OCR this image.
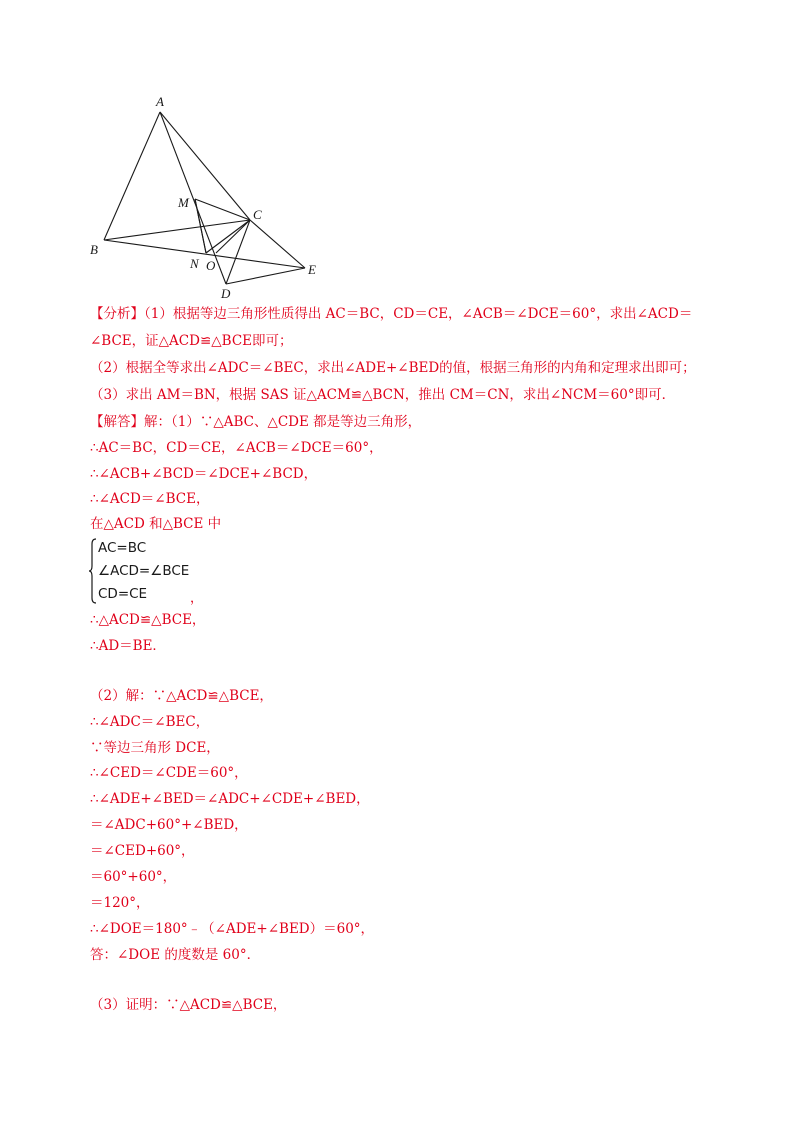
A
B
C
D
E
M
N O
【分析】（1）根据等边三角形性质得出 AC＝BC，CD＝CE，∠ACB＝∠DCE＝60°，求出∠ACD＝
∠BCE，证△ACD≌△BCE即可；
（2）根据全等求出∠ADC＝∠BEC，求出∠ADE+∠BED的值，根据三角形的内角和定理求出即可；
（3）求出 AM＝BN，根据 SAS 证△ACM≌△BCN，推出 CM＝CN，求出∠NCM＝60°即可．
【解答】解：（1）∵△ABC、△CDE 都是等边三角形，
∴AC＝BC，CD＝CE，∠ACB＝∠DCE＝60°，
∴∠ACB+∠BCD＝∠DCE+∠BCD，
∴∠ACD＝∠BCE，
在△ACD 和△BCE 中
AC=BC
∠ACD=∠BCE
CD=CE	，
∴△ACD≌△BCE，
∴AD＝BE．
（2）解：∵△ACD≌△BCE，
∴∠ADC＝∠BEC，
∵等边三角形 DCE，
∴∠CED＝∠CDE＝60°，
∴∠ADE+∠BED＝∠ADC+∠CDE+∠BED，
＝∠ADC+60°+∠BED，
＝∠CED+60°，
＝60°+60°，
＝120°，
∴∠DOE＝180°﹣（∠ADE+∠BED）＝60°，
答：∠DOE 的度数是 60°．
（3）证明：∵△ACD≌△BCE，
